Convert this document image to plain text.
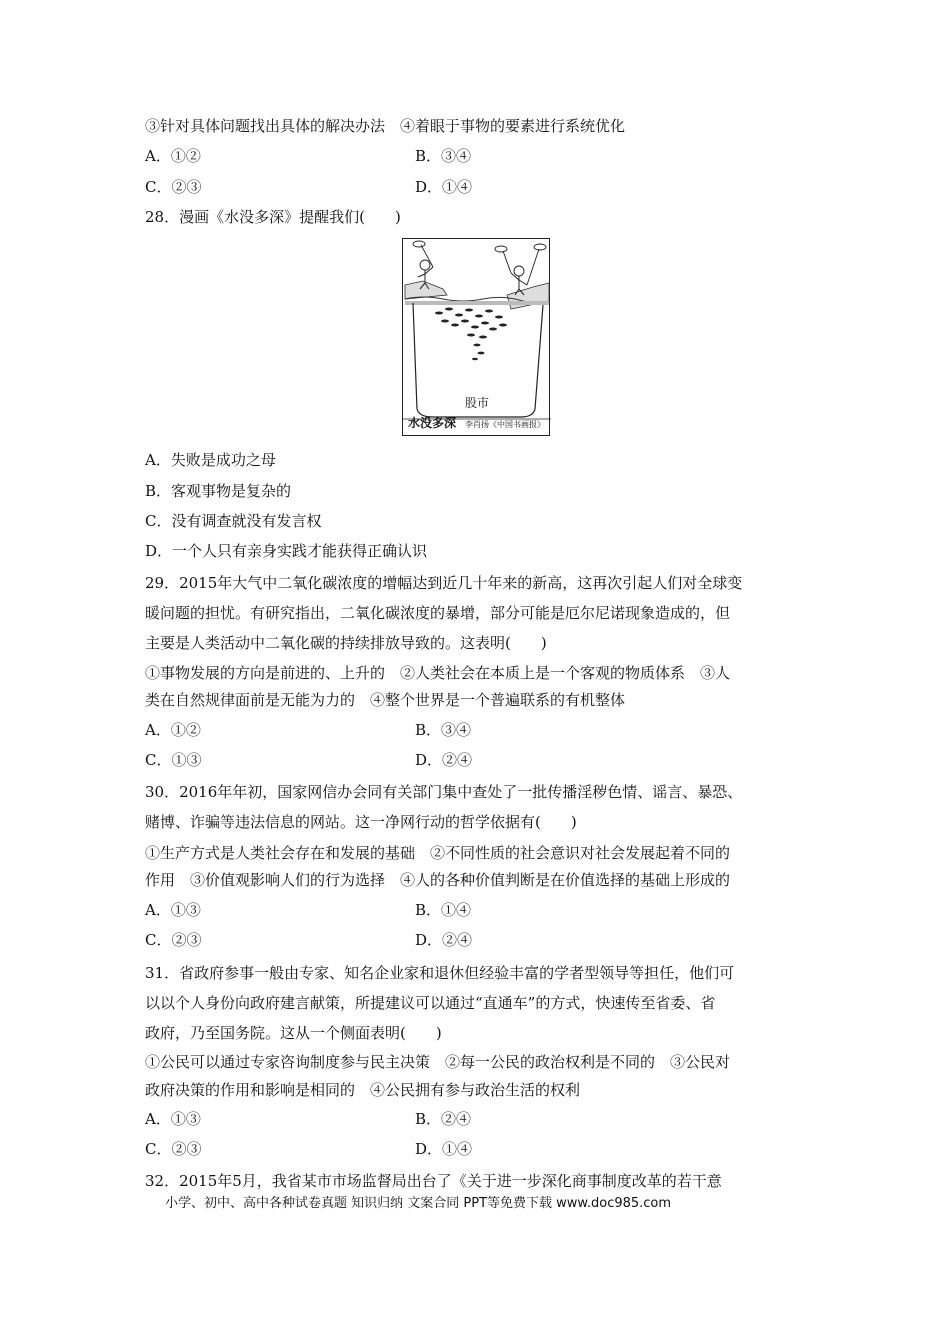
③针对具体问题找出具体的解决办法　④着眼于事物的要素进行系统优化
A．①②	B．③④
C．②③	D．①④
28．漫画《水没多深》提醒我们(　　)
股市
水没多深 李肖扬《中国书画报》
A．失败是成功之母
B．客观事物是复杂的
C．没有调查就没有发言权
D．一个人只有亲身实践才能获得正确认识
29．2015年大气中二氧化碳浓度的增幅达到近几十年来的新高，这再次引起人们对全球变
暖问题的担忧。有研究指出，二氧化碳浓度的暴增，部分可能是厄尔尼诺现象造成的，但
主要是人类活动中二氧化碳的持续排放导致的。这表明(　　)
①事物发展的方向是前进的、上升的　②人类社会在本质上是一个客观的物质体系　③人
类在自然规律面前是无能为力的　④整个世界是一个普遍联系的有机整体
A．①②	B．③④
C．①③	D．②④
30．2016年年初，国家网信办会同有关部门集中查处了一批传播淫秽色情、谣言、暴恐、
赌博、诈骗等违法信息的网站。这一净网行动的哲学依据有(　　)
①生产方式是人类社会存在和发展的基础　②不同性质的社会意识对社会发展起着不同的
作用　③价值观影响人们的行为选择　④人的各种价值判断是在价值选择的基础上形成的
A．①③	B．①④
C．②③	D．②④
31．省政府参事一般由专家、知名企业家和退休但经验丰富的学者型领导等担任，他们可
以以个人身份向政府建言献策，所提建议可以通过“直通车”的方式，快速传至省委、省
政府，乃至国务院。这从一个侧面表明(　　)
①公民可以通过专家咨询制度参与民主决策　②每一公民的政治权利是不同的　③公民对
政府决策的作用和影响是相同的　④公民拥有参与政治生活的权利
A．①③	B．②④
C．②③	D．①④
32．2015年5月，我省某市市场监督局出台了《关于进一步深化商事制度改革的若干意
小学、初中、高中各种试卷真题 知识归纳 文案合同 PPT等免费下载 www.doc985.com
